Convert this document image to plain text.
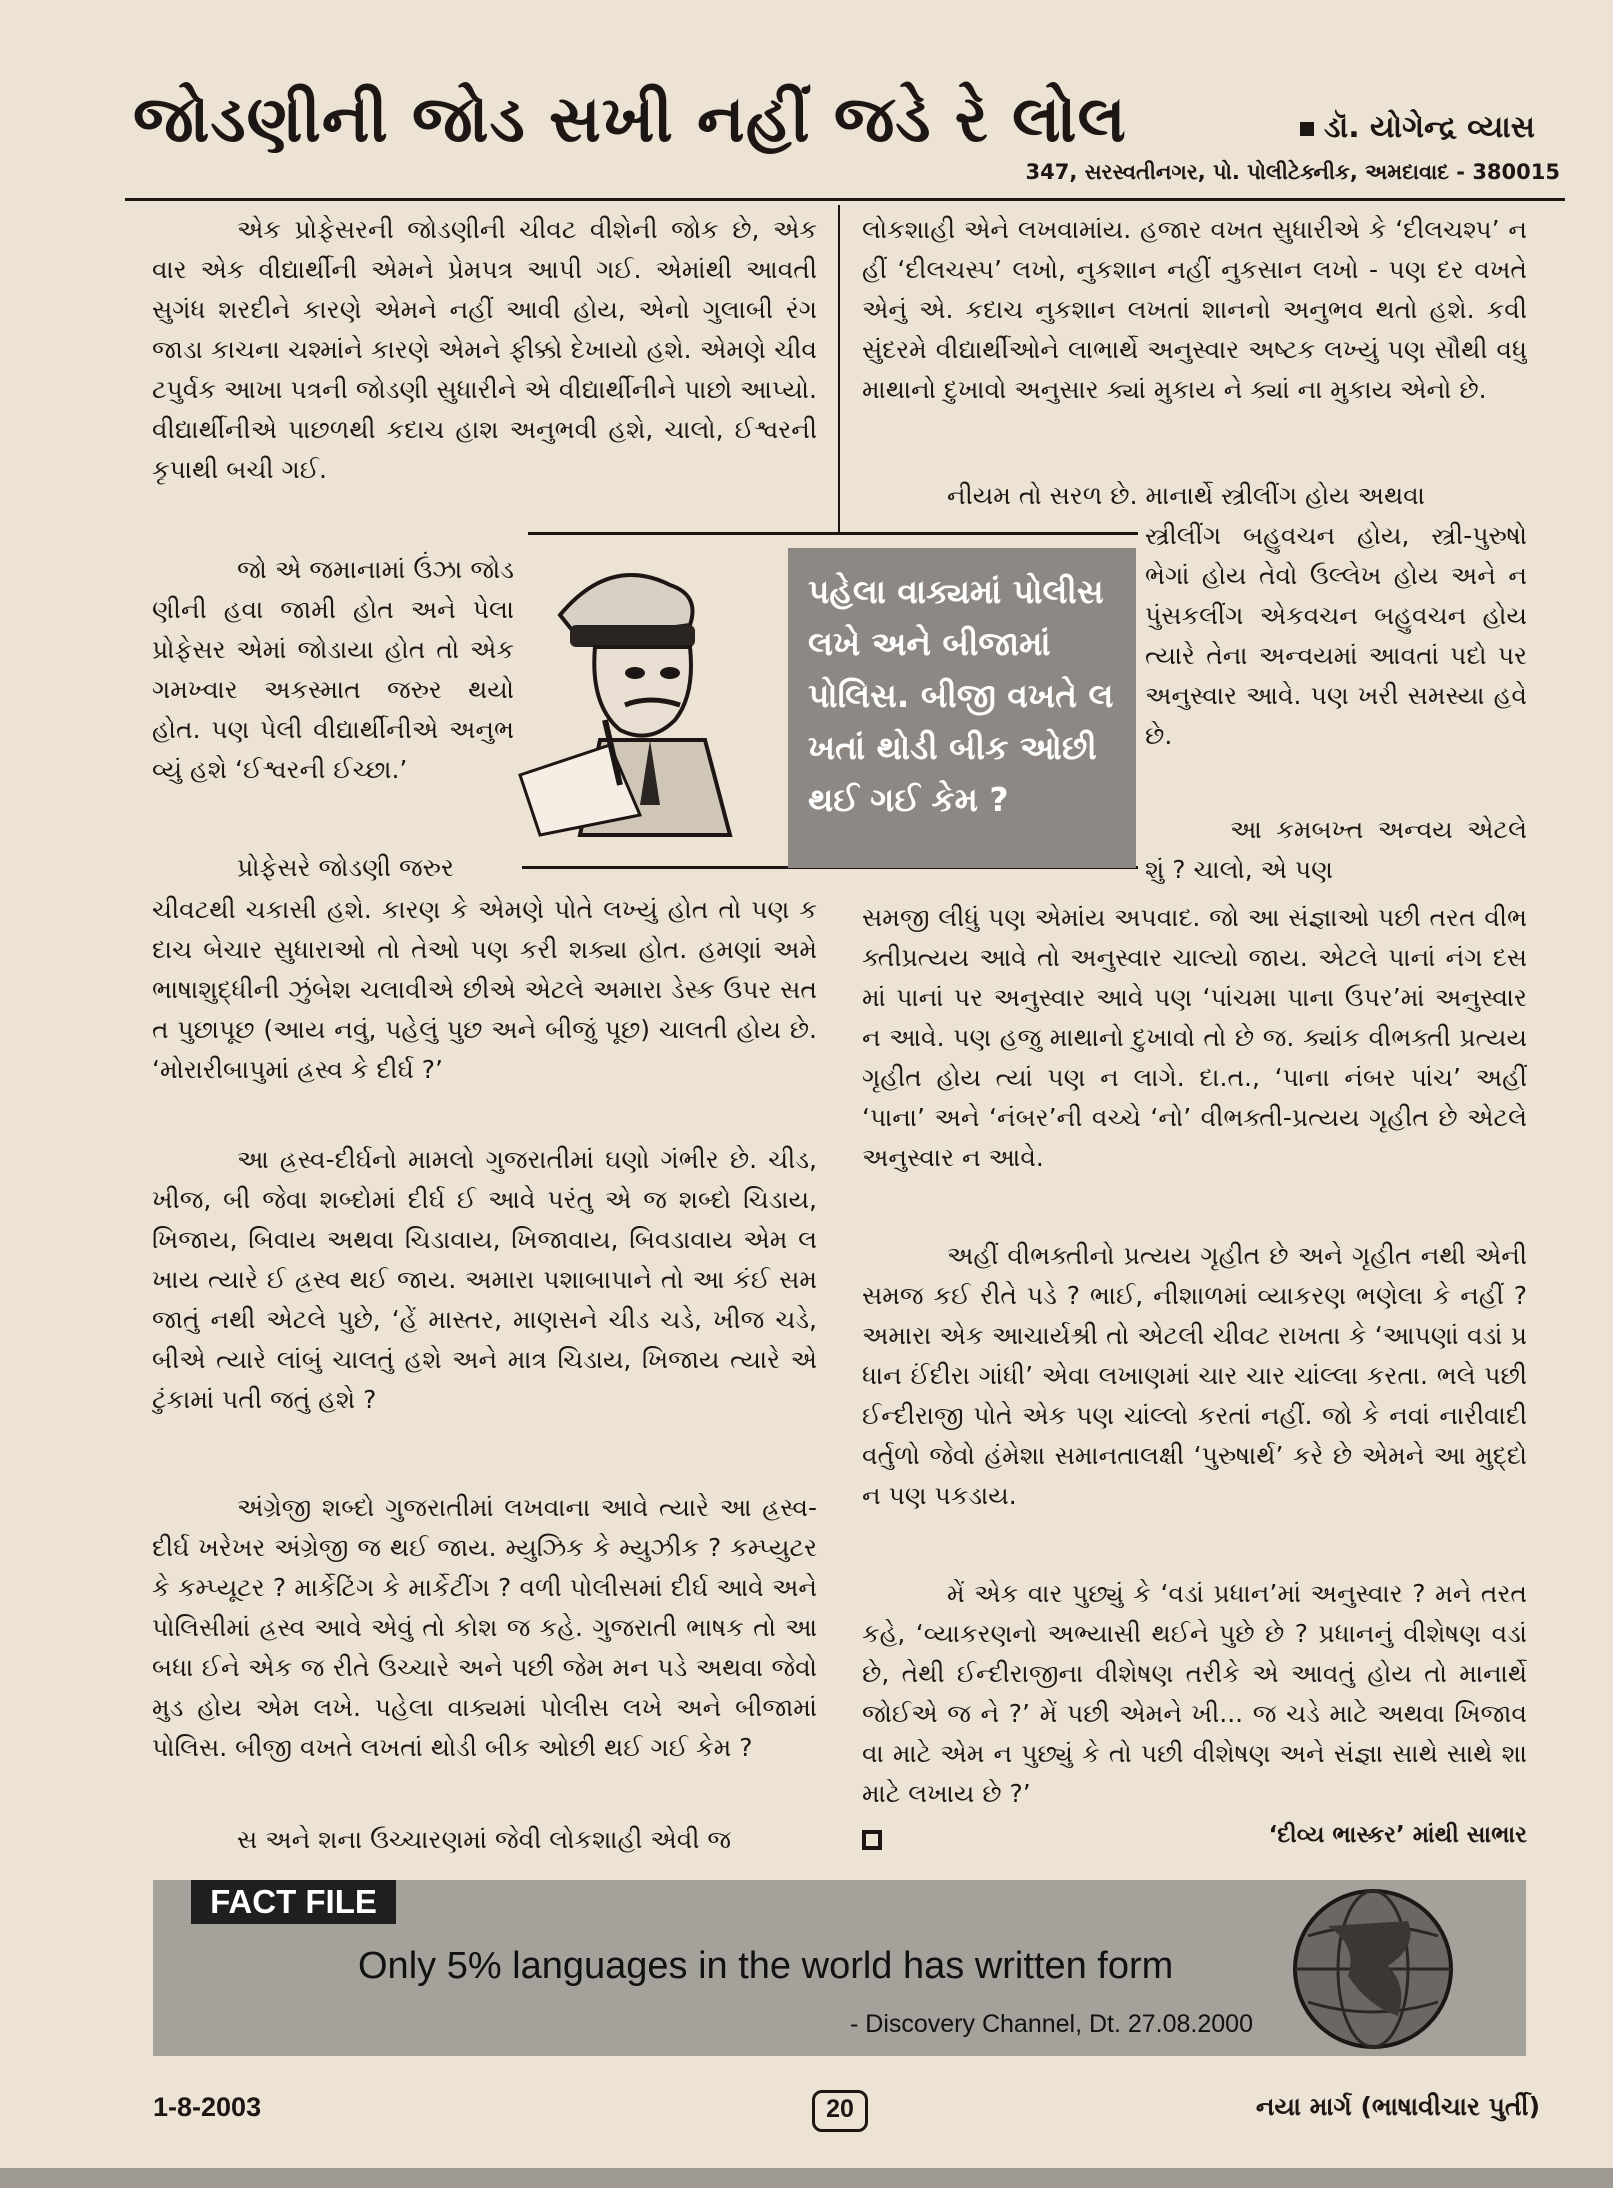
જોડણીની જોડ સખી નહીં જડે રે લોલ	ડૉ. યોગેન્દ્ર વ્યાસ
347, સરસ્વતીનગર, પો. પોલીટેક્નીક, અમદાવાદ - 380015
એક પ્રોફેસરની જોડણીની ચીવટ વીશેની જોક છે, એક વાર એક વીદ્યાર્થીની એમને પ્રેમપત્ર આપી ગઈ. એમાંથી આવતી સુગંધ શરદીને કારણે એમને નહીં આવી હોય, એનો ગુલાબી રંગ જાડા કાચના ચશ્માંને કારણે એમને ફીક્કો દેખાયો હશે. એમણે ચીવટપુર્વક આખા પત્રની જોડણી સુધારીને એ વીદ્યાર્થીનીને પાછો આપ્યો. વીદ્યાર્થીનીએ પાછળથી કદાચ હાશ અનુભવી હશે, ચાલો, ઈશ્વરની કૃપાથી બચી ગઈ.
જો એ જમાનામાં ઉંઝા જોડણીની હવા જામી હોત અને પેલા પ્રોફેસર એમાં જોડાયા હોત તો એક ગમખ્વાર અકસ્માત જરુર થયો હોત. પણ પેલી વીદ્યાર્થીનીએ અનુભવ્યું હશે ‘ઈશ્વરની ઈચ્છા.’
પ્રોફેસરે જોડણી જરુર
પહેલા વાક્યમાં પોલીસ લખે અને બીજામાં પોલિસ. બીજી વખતે લખતાં થોડી બીક ઓછી થઈ ગઈ કેમ ?
ચીવટથી ચકાસી હશે. કારણ કે એમણે પોતે લખ્યું હોત તો પણ કદાચ બેચાર સુધારાઓ તો તેઓ પણ કરી શક્યા હોત. હમણાં અમે ભાષાશુદ્ધીની ઝુંબેશ ચલાવીએ છીએ એટલે અમારા ડેસ્ક ઉપર સતત પુછાપૂછ (આય નવું, પહેલું પુછ અને બીજું પૂછ) ચાલતી હોય છે. ‘મોરારીબાપુમાં હ્રસ્વ કે દીર્ઘ ?’
આ હ્રસ્વ-દીર્ઘનો મામલો ગુજરાતીમાં ઘણો ગંભીર છે. ચીડ, ખીજ, બી જેવા શબ્દોમાં દીર્ઘ ઈ આવે પરંતુ એ જ શબ્દો ચિડાય, ખિજાય, બિવાય અથવા ચિડાવાય, ખિજાવાય, બિવડાવાય એમ લખાય ત્યારે ઈ હ્રસ્વ થઈ જાય. અમારા પશાબાપાને તો આ કંઈ સમજાતું નથી એટલે પુછે, ‘હેં માસ્તર, માણસને ચીડ ચડે, ખીજ ચડે, બીએ ત્યારે લાંબું ચાલતું હશે અને માત્ર ચિડાય, ખિજાય ત્યારે એ ટુંકામાં પતી જતું હશે ?
અંગ્રેજી શબ્દો ગુજરાતીમાં લખવાના આવે ત્યારે આ હ્રસ્વ-દીર્ઘ ખરેખર અંગ્રેજી જ થઈ જાય. મ્યુઝિક કે મ્યુઝીક ? કમ્પ્યુટર કે કમ્પ્યૂટર ? માર્કેટિંગ કે માર્કેટીંગ ? વળી પોલીસમાં દીર્ઘ આવે અને પોલિસીમાં હ્રસ્વ આવે એવું તો કોશ જ કહે. ગુજરાતી ભાષક તો આ બધા ઈને એક જ રીતે ઉચ્ચારે અને પછી જેમ મન પડે અથવા જેવો મુડ હોય એમ લખે. પહેલા વાક્યમાં પોલીસ લખે અને બીજામાં પોલિસ. બીજી વખતે લખતાં થોડી બીક ઓછી થઈ ગઈ કેમ ?
સ અને શના ઉચ્ચારણમાં જેવી લોકશાહી એવી જ
લોકશાહી એને લખવામાંય. હજાર વખત સુધારીએ કે ‘દીલચશ્પ’ નહીં ‘દીલચસ્પ’ લખો, નુકશાન નહીં નુકસાન લખો - પણ દર વખતે એનું એ. કદાચ નુકશાન લખતાં શાનનો અનુભવ થતો હશે. કવી સુંદરમે વીદ્યાર્થીઓને લાભાર્થે અનુસ્વાર અષ્ટક લખ્યું પણ સૌથી વધુ માથાનો દુખાવો અનુસાર ક્યાં મુકાય ને ક્યાં ના મુકાય એનો છે.
નીયમ તો સરળ છે. માનાર્થે સ્ત્રીલીંગ હોય અથવા
સ્ત્રીલીંગ બહુવચન હોય, સ્ત્રી-પુરુષો ભેગાં હોય તેવો ઉલ્લેખ હોય અને નપુંસકલીંગ એકવચન બહુવચન હોય ત્યારે તેના અન્વયમાં આવતાં પદો પર અનુસ્વાર આવે. પણ ખરી સમસ્યા હવે છે.
આ કમબખ્ત અન્વય એટલે શું ? ચાલો, એ પણ
સમજી લીધું પણ એમાંય અપવાદ. જો આ સંજ્ઞાઓ પછી તરત વીભક્તીપ્રત્યય આવે તો અનુસ્વાર ચાલ્યો જાય. એટલે પાનાં નંગ દસમાં પાનાં પર અનુસ્વાર આવે પણ ‘પાંચમા પાના ઉપર’માં અનુસ્વાર ન આવે. પણ હજુ માથાનો દુખાવો તો છે જ. ક્યાંક વીભક્તી પ્રત્યય ગૃહીત હોય ત્યાં પણ ન લાગે. દા.ત., ‘પાના નંબર પાંચ’ અહીં ‘પાના’ અને ‘નંબર’ની વચ્ચે ‘નો’ વીભક્તી-પ્રત્યય ગૃહીત છે એટલે અનુસ્વાર ન આવે.
અહીં વીભક્તીનો પ્રત્યય ગૃહીત છે અને ગૃહીત નથી એની સમજ કઈ રીતે પડે ? ભાઈ, નીશાળમાં વ્યાકરણ ભણેલા કે નહીં ? અમારા એક આચાર્યશ્રી તો એટલી ચીવટ રાખતા કે ‘આપણાં વડાં પ્રધાન ઈંદીરા ગાંધી’ એવા લખાણમાં ચાર ચાર ચાંલ્લા કરતા. ભલે પછી ઈન્દીરાજી પોતે એક પણ ચાંલ્લો કરતાં નહીં. જો કે નવાં નારીવાદી વર્તુળો જેવો હંમેશા સમાનતાલક્ષી ‘પુરુષાર્થ’ કરે છે એમને આ મુદ્દો ન પણ પકડાય.
મેં એક વાર પુછ્યું કે ‘વડાં પ્રધાન’માં અનુસ્વાર ? મને તરત કહે, ‘વ્યાકરણનો અભ્યાસી થઈને પુછે છે ? પ્રધાનનું વીશેષણ વડાં છે, તેથી ઈન્દીરાજીના વીશેષણ તરીકે એ આવતું હોય તો માનાર્થે જોઈએ જ ને ?’ મેં પછી એમને ખી... જ ચડે માટે અથવા ખિજાવવા માટે એમ ન પુછ્યું કે તો પછી વીશેષણ અને સંજ્ઞા સાથે સાથે શા માટે લખાય છે ?’
‘દીવ્ય ભાસ્કર’ માંથી સાભાર
FACT FILE
Only 5% languages in the world has written form
- Discovery Channel, Dt. 27.08.2000
1-8-2003	20	નયા માર્ગ (ભાષાવીચાર પુર્તી)
